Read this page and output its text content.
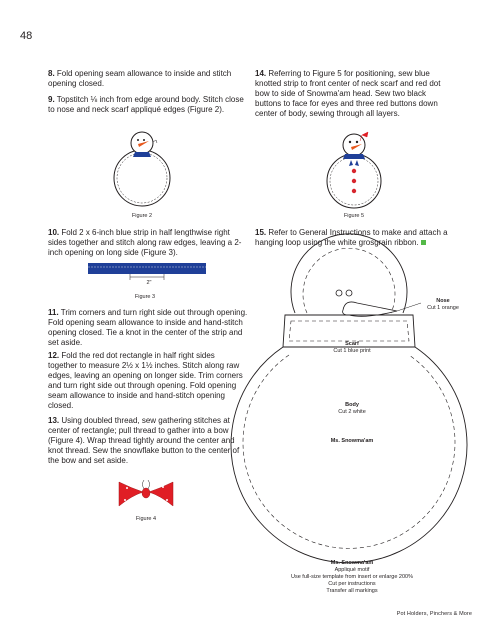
48
8. Fold opening seam allowance to inside and stitch opening closed.
9. Topstitch ⅛ inch from edge around body. Stitch close to nose and neck scarf appliqué edges (Figure 2).
Figure 2
10. Fold 2 x 6-inch blue strip in half lengthwise right sides together and stitch along raw edges, leaving a 2-inch opening on long side (Figure 3).
2"
Figure 3
11. Trim corners and turn right side out through opening. Fold opening seam allowance to inside and hand-stitch opening closed. Tie a knot in the center of the strip and set aside.
12. Fold the red dot rectangle in half right sides together to measure 2½ x 1½ inches. Stitch along raw edges, leaving an opening on longer side. Trim corners and turn right side out through opening. Fold opening seam allowance to inside and hand-stitch opening closed.
13. Using doubled thread, sew gathering stitches at center of rectangle; pull thread to gather into a bow (Figure 4). Wrap thread tightly around the center and knot thread. Sew the snowflake button to the center of the bow and set aside.
Figure 4
14. Referring to Figure 5 for positioning, sew blue knotted strip to front center of neck scarf and red dot bow to side of Snowma'am head. Sew two black buttons to face for eyes and three red buttons down center of body, sewing through all layers.
Figure 5
15. Refer to General Instructions to make and attach a hanging loop using the white grosgrain ribbon.
Nose
Cut 1 orange
Scarf
Cut 1 blue print
Body
Cut 2 white
Ms. Snowma'am
Ms. Snowma'am
Appliqué motif
Use full-size template from insert or enlarge 200%
Cut per instructions
Transfer all markings
Pot Holders, Pinchers & More
